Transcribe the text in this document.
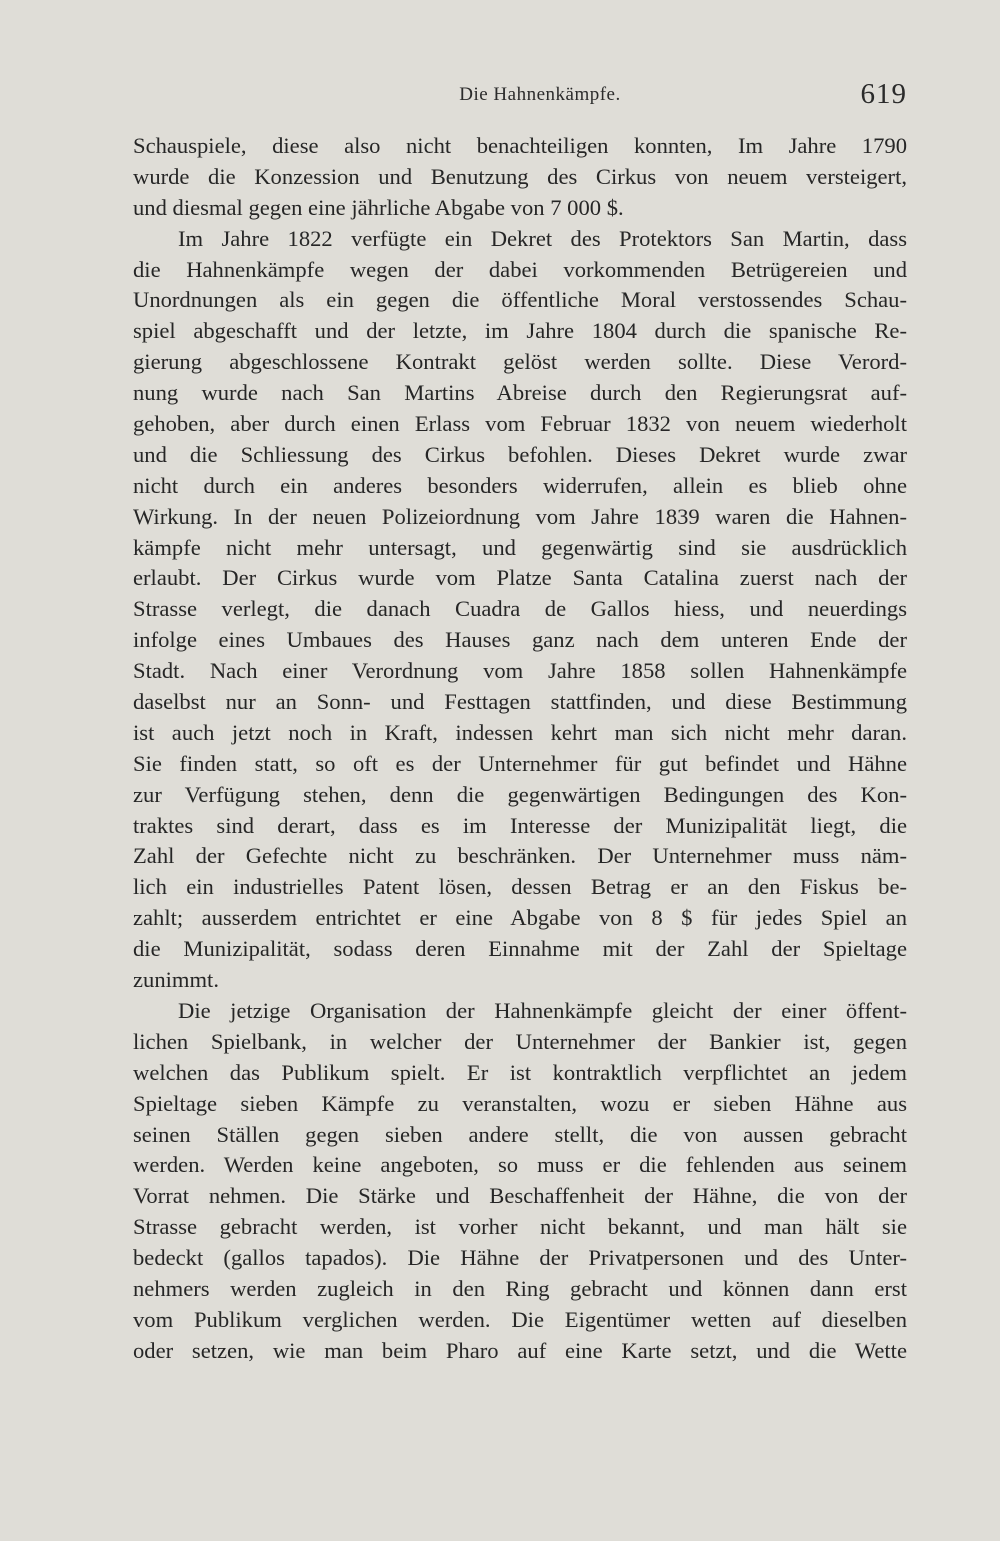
Die Hahnenkämpfe.	619
Schauspiele, diese also nicht benachteiligen konnten, Im Jahre 1790
wurde die Konzession und Benutzung des Cirkus von neuem versteigert,
und diesmal gegen eine jährliche Abgabe von 7 000 $.
Im Jahre 1822 verfügte ein Dekret des Protektors San Martin, dass
die Hahnenkämpfe wegen der dabei vorkommenden Betrügereien und
Unordnungen als ein gegen die öffentliche Moral verstossendes Schau-
spiel abgeschafft und der letzte, im Jahre 1804 durch die spanische Re-
gierung abgeschlossene Kontrakt gelöst werden sollte. Diese Verord-
nung wurde nach San Martins Abreise durch den Regierungsrat auf-
gehoben, aber durch einen Erlass vom Februar 1832 von neuem wiederholt
und die Schliessung des Cirkus befohlen. Dieses Dekret wurde zwar
nicht durch ein anderes besonders widerrufen, allein es blieb ohne
Wirkung. In der neuen Polizeiordnung vom Jahre 1839 waren die Hahnen-
kämpfe nicht mehr untersagt, und gegenwärtig sind sie ausdrücklich
erlaubt. Der Cirkus wurde vom Platze Santa Catalina zuerst nach der
Strasse verlegt, die danach Cuadra de Gallos hiess, und neuerdings
infolge eines Umbaues des Hauses ganz nach dem unteren Ende der
Stadt. Nach einer Verordnung vom Jahre 1858 sollen Hahnenkämpfe
daselbst nur an Sonn- und Festtagen stattfinden, und diese Bestimmung
ist auch jetzt noch in Kraft, indessen kehrt man sich nicht mehr daran.
Sie finden statt, so oft es der Unternehmer für gut befindet und Hähne
zur Verfügung stehen, denn die gegenwärtigen Bedingungen des Kon-
traktes sind derart, dass es im Interesse der Munizipalität liegt, die
Zahl der Gefechte nicht zu beschränken. Der Unternehmer muss näm-
lich ein industrielles Patent lösen, dessen Betrag er an den Fiskus be-
zahlt; ausserdem entrichtet er eine Abgabe von 8 $ für jedes Spiel an
die Munizipalität, sodass deren Einnahme mit der Zahl der Spieltage
zunimmt.
Die jetzige Organisation der Hahnenkämpfe gleicht der einer öffent-
lichen Spielbank, in welcher der Unternehmer der Bankier ist, gegen
welchen das Publikum spielt. Er ist kontraktlich verpflichtet an jedem
Spieltage sieben Kämpfe zu veranstalten, wozu er sieben Hähne aus
seinen Ställen gegen sieben andere stellt, die von aussen gebracht
werden. Werden keine angeboten, so muss er die fehlenden aus seinem
Vorrat nehmen. Die Stärke und Beschaffenheit der Hähne, die von der
Strasse gebracht werden, ist vorher nicht bekannt, und man hält sie
bedeckt (gallos tapados). Die Hähne der Privatpersonen und des Unter-
nehmers werden zugleich in den Ring gebracht und können dann erst
vom Publikum verglichen werden. Die Eigentümer wetten auf dieselben
oder setzen, wie man beim Pharo auf eine Karte setzt, und die Wette
